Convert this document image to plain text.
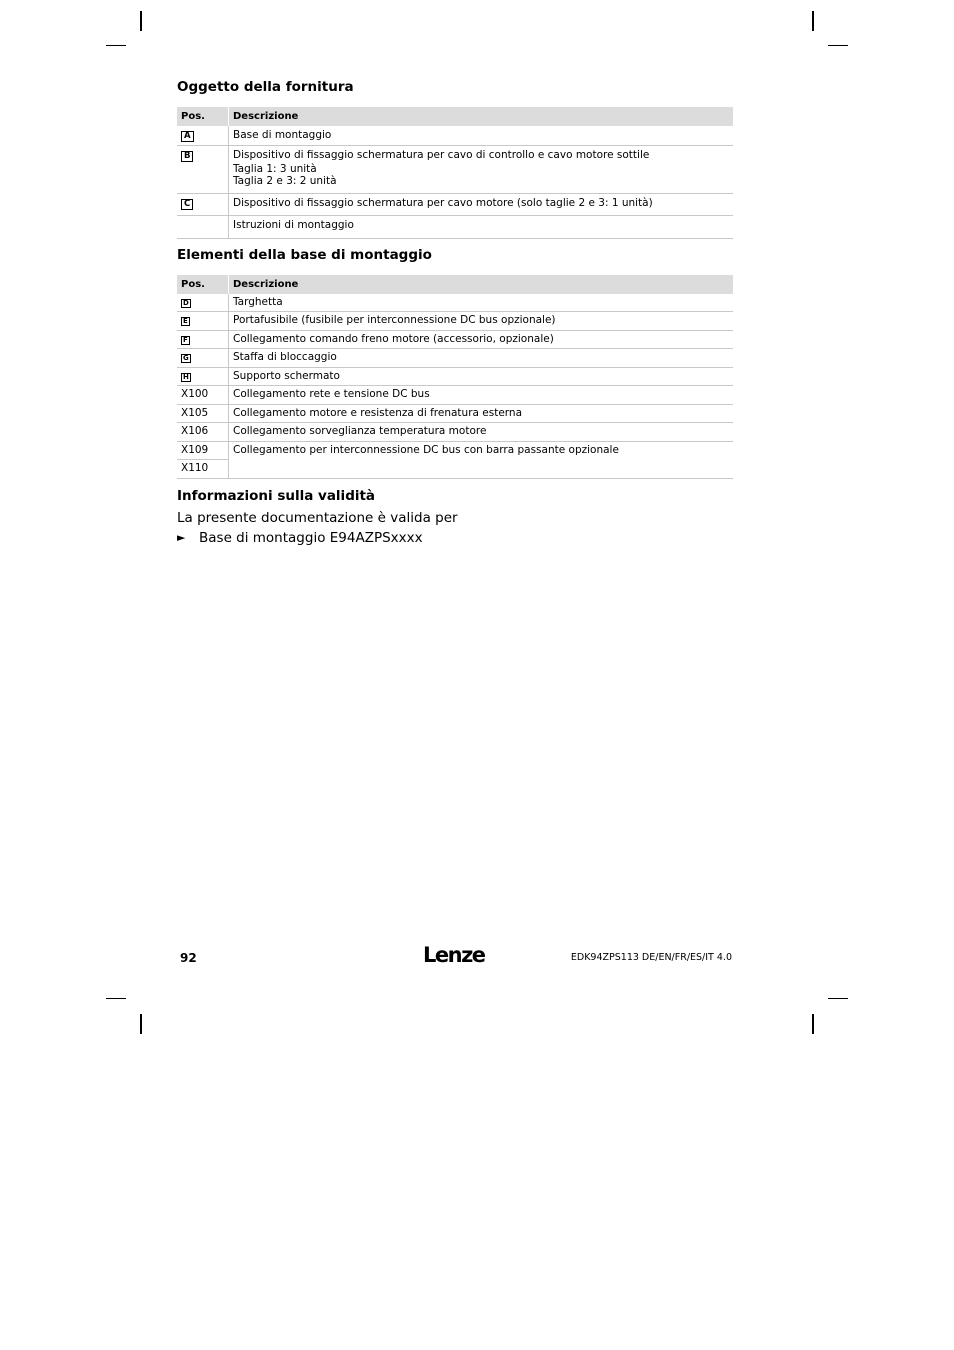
Oggetto della fornitura
Pos.	Descrizione
A	Base di montaggio
B	Dispositivo di fissaggio schermatura per cavo di controllo e cavo motore sottile
Taglia 1: 3 unità
Taglia 2 e 3: 2 unità

C	Dispositivo di fissaggio schermatura per cavo motore (solo taglie 2 e 3: 1 unità)
	Istruzioni di montaggio
Elementi della base di montaggio
Pos.	Descrizione
D	Targhetta
E	Portafusibile (fusibile per interconnessione DC bus opzionale)
F	Collegamento comando freno motore (accessorio, opzionale)
G	Staffa di bloccaggio
H	Supporto schermato
X100	Collegamento rete e tensione DC bus
X105	Collegamento motore e resistenza di frenatura esterna
X106	Collegamento sorveglianza temperatura motore
X109	Collegamento per interconnessione DC bus con barra passante opzionale
X110	
Informazioni sulla validità

La presente documentazione è valida per

►	Base di montaggio E94AZPSxxxx
92	Lenze	EDK94ZPS113 DE/EN/FR/ES/IT 4.0
